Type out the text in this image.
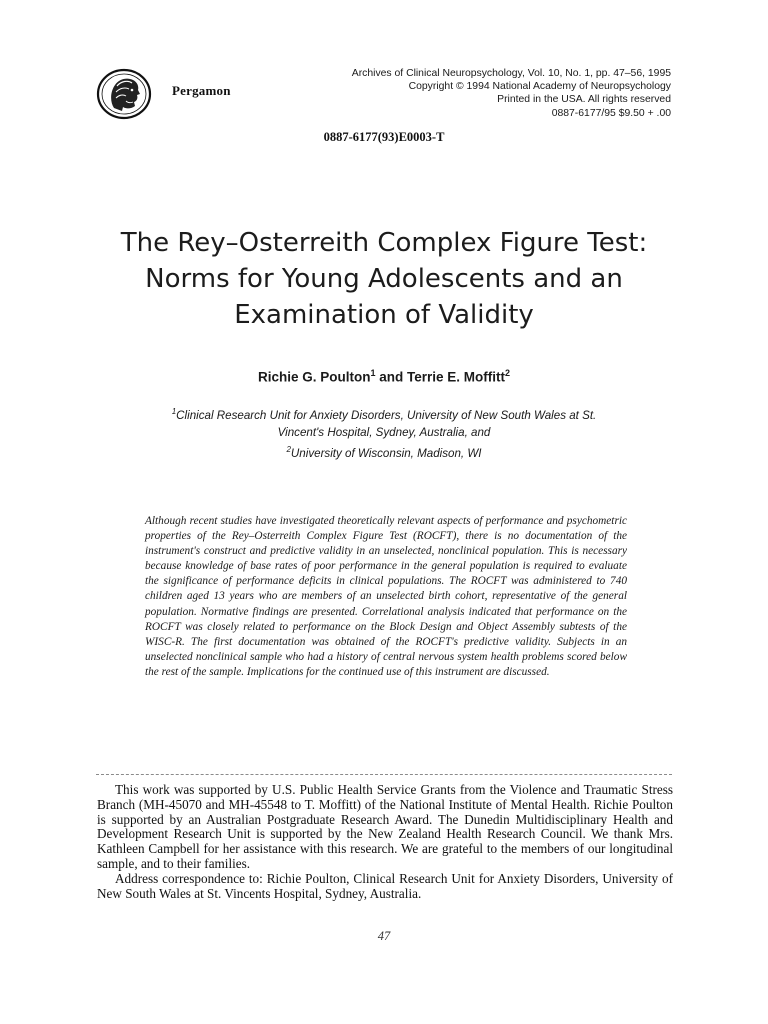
Pergamon
Archives of Clinical Neuropsychology, Vol. 10, No. 1, pp. 47–56, 1995
Copyright © 1994 National Academy of Neuropsychology
Printed in the USA. All rights reserved
0887-6177/95 $9.50 + .00
0887-6177(93)E0003-T
The Rey–Osterreith Complex Figure Test:
Norms for Young Adolescents and an
Examination of Validity
Richie G. Poulton$^1$ and Terrie E. Moffitt$^2$
$^1$Clinical Research Unit for Anxiety Disorders, University of New South Wales at St.
Vincent's Hospital, Sydney, Australia, and
$^2$University of Wisconsin, Madison, WI
Although recent studies have investigated theoretically relevant aspects of performance and psychometric properties of the Rey–Osterreith Complex Figure Test (ROCFT), there is no documentation of the instrument's construct and predictive validity in an unselected, nonclinical population. This is necessary because knowledge of base rates of poor performance in the general population is required to evaluate the significance of performance deficits in clinical populations. The ROCFT was administered to 740 children aged 13 years who are members of an unselected birth cohort, representative of the general population. Normative findings are presented. Correlational analysis indicated that performance on the ROCFT was closely related to performance on the Block Design and Object Assembly subtests of the WISC-R. The first documentation was obtained of the ROCFT's predictive validity. Subjects in an unselected nonclinical sample who had a history of central nervous system health problems scored below the rest of the sample. Implications for the continued use of this instrument are discussed.

This work was supported by U.S. Public Health Service Grants from the Violence and Traumatic Stress Branch (MH-45070 and MH-45548 to T. Moffitt) of the National Institute of Mental Health. Richie Poulton is supported by an Australian Postgraduate Research Award. The Dunedin Multidisciplinary Health and Development Research Unit is supported by the New Zealand Health Research Council. We thank Mrs. Kathleen Campbell for her assistance with this research. We are grateful to the members of our longitudinal sample, and to their families.

Address correspondence to: Richie Poulton, Clinical Research Unit for Anxiety Disorders, University of New South Wales at St. Vincents Hospital, Sydney, Australia.

47
